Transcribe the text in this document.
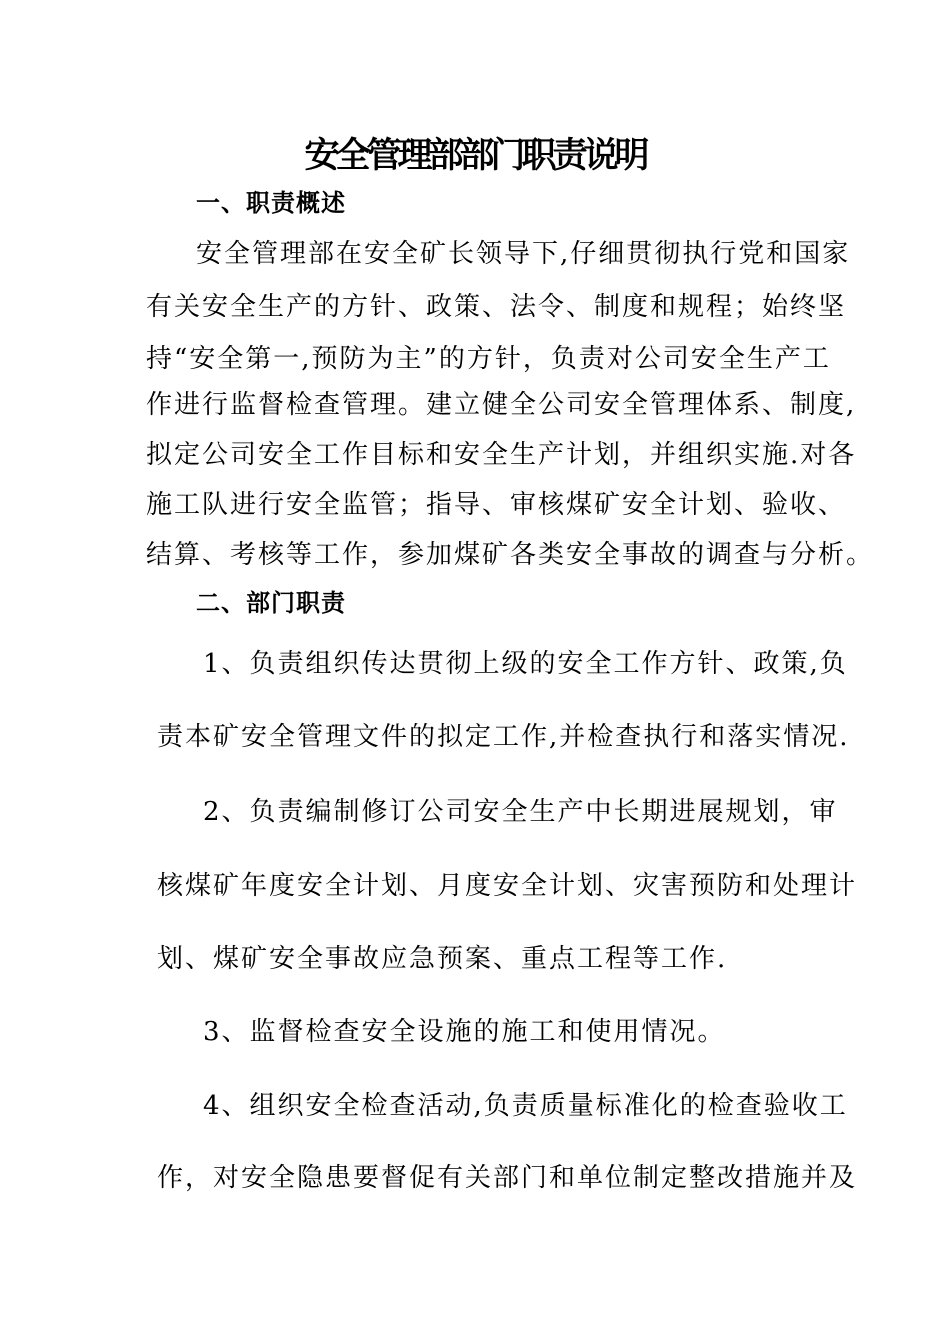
安全管理部部门职责说明
一、职责概述
安全管理部在安全矿长领导下,仔细贯彻执行党和国家
有关安全生产的方针、政策、法令、制度和规程；始终坚
持“安全第一,预防为主”的方针，负责对公司安全生产工
作进行监督检查管理。建立健全公司安全管理体系、制度,
拟定公司安全工作目标和安全生产计划，并组织实施.对各
施工队进行安全监管；指导、审核煤矿安全计划、验收、
结算、考核等工作，参加煤矿各类安全事故的调查与分析。
二、部门职责
1、负责组织传达贯彻上级的安全工作方针、政策,负
责本矿安全管理文件的拟定工作,并检查执行和落实情况.
2、负责编制修订公司安全生产中长期进展规划，审
核煤矿年度安全计划、月度安全计划、灾害预防和处理计
划、煤矿安全事故应急预案、重点工程等工作.
3、监督检查安全设施的施工和使用情况。
4、组织安全检查活动,负责质量标准化的检查验收工
作，对安全隐患要督促有关部门和单位制定整改措施并及
